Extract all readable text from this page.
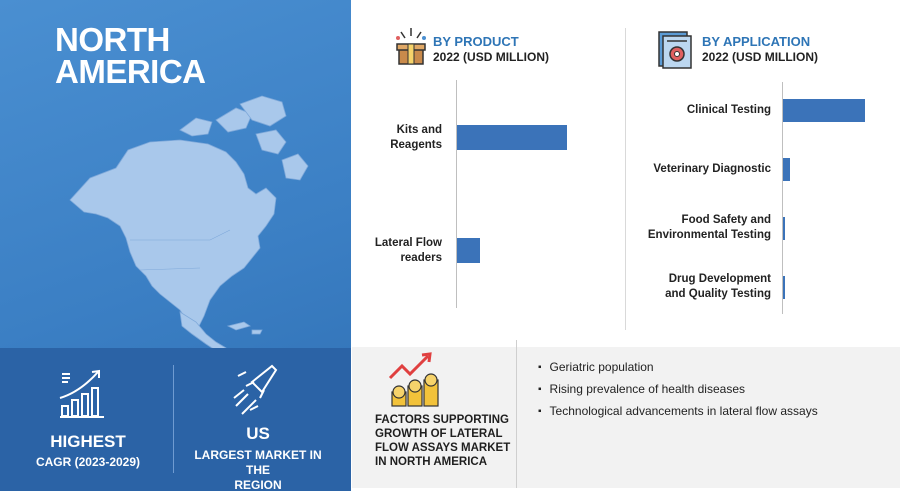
NORTH
AMERICA
HIGHEST
CAGR (2023-2029)
US
LARGEST MARKET IN THE
REGION
BY PRODUCT
2022 (USD MILLION)
Kits and
Reagents
Lateral Flow
readers
BY APPLICATION
2022 (USD MILLION)
Clinical Testing
Veterinary Diagnostic
Food Safety and
Environmental Testing
Drug Development
and Quality Testing
FACTORS SUPPORTING
GROWTH OF LATERAL
FLOW ASSAYS MARKET
IN NORTH AMERICA
▪ Geriatric population
▪ Rising prevalence of health diseases
▪ Technological advancements in lateral flow assays
